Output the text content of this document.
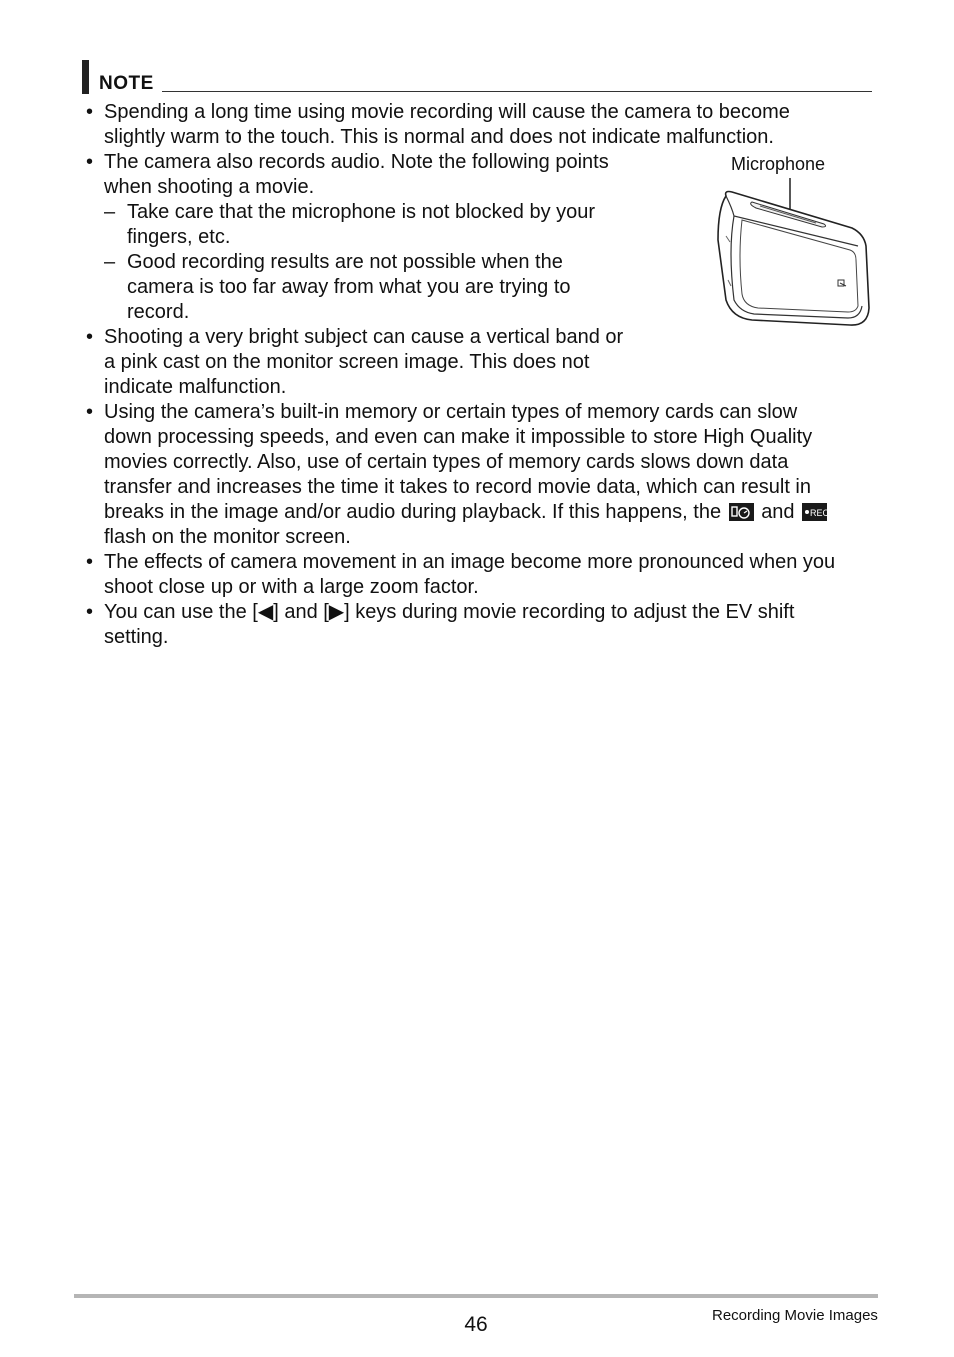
NOTE
• Spending a long time using movie recording will cause the camera to become
slightly warm to the touch. This is normal and does not indicate malfunction.
• The camera also records audio. Note the following points
when shooting a movie.
– Take care that the microphone is not blocked by your
fingers, etc.
– Good recording results are not possible when the
camera is too far away from what you are trying to
record.
• Shooting a very bright subject can cause a vertical band or
a pink cast on the monitor screen image. This does not
indicate malfunction.
• Using the camera’s built-in memory or certain types of memory cards can slow
down processing speeds, and even can make it impossible to store High Quality
movies correctly. Also, use of certain types of memory cards slows down data
transfer and increases the time it takes to record movie data, which can result in
breaks in the image and/or audio during playback. If this happens, the and REC
flash on the monitor screen.
• The effects of camera movement in an image become more pronounced when you
shoot close up or with a large zoom factor.
• You can use the [◀] and [▶] keys during movie recording to adjust the EV shift
setting.
Microphone
46	Recording Movie Images
